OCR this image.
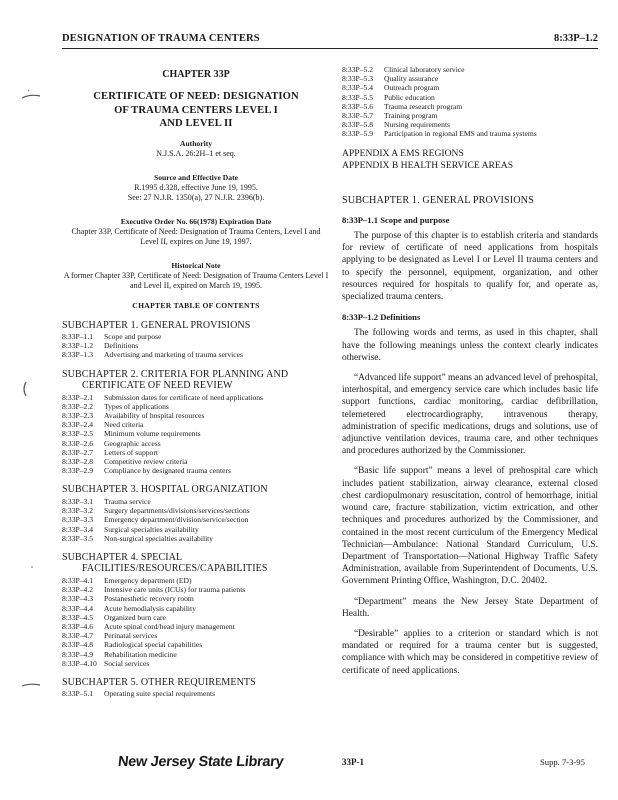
DESIGNATION OF TRAUMA CENTERS	8:33P–1.2
CHAPTER 33P
CERTIFICATE OF NEED: DESIGNATION
OF TRAUMA CENTERS LEVEL I
AND LEVEL II
Authority
N.J.S.A. 26:2H–1 et seq.
Source and Effective Date
R.1995 d.328, effective June 19, 1995.
See: 27 N.J.R. 1350(a), 27 N.J.R. 2396(b).
Executive Order No. 66(1978) Expiration Date
Chapter 33P, Certificate of Need: Designation of Trauma Centers, Level I and Level II, expires on June 19, 1997.
Historical Note
A former Chapter 33P, Certificate of Need: Designation of Trauma Centers Level I and Level II, expired on March 19, 1995.
CHAPTER TABLE OF CONTENTS
SUBCHAPTER 1. GENERAL PROVISIONS
8:33P–1.1	Scope and purpose
8:33P–1.2	Definitions
8:33P–1.3	Advertising and marketing of trauma services
SUBCHAPTER 2. CRITERIA FOR PLANNING AND
CERTIFICATE OF NEED REVIEW
8:33P–2.1	Submission dates for certificate of need applications
8:33P–2.2	Types of applications
8:33P–2.3	Availability of hospital resources
8:33P–2.4	Need criteria
8:33P–2.5	Minimum volume requirements
8:33P–2.6	Geographic access
8:33P–2.7	Letters of support
8:33P–2.8	Competitive review criteria
8:33P–2.9	Compliance by designated trauma centers
SUBCHAPTER 3. HOSPITAL ORGANIZATION
8:33P–3.1	Trauma service
8:33P–3.2	Surgery departments/divisions/services/sections
8:33P–3.3	Emergency department/division/service/section
8:33P–3.4	Surgical specialties availability
8:33P–3.5	Non-surgical specialties availability
SUBCHAPTER 4. SPECIAL
FACILITIES/RESOURCES/CAPABILITIES
8:33P–4.1	Emergency department (ED)
8:33P–4.2	Intensive care units (ICUs) for trauma patients
8:33P–4.3	Postanesthetic recovery room
8:33P–4.4	Acute hemodialysis capability
8:33P–4.5	Organized burn care
8:33P–4.6	Acute spinal cord/head injury management
8:33P–4.7	Perinatal services
8:33P–4.8	Radiological special capabilities
8:33P–4.9	Rehabilitation medicine
8:33P–4.10 Social services
SUBCHAPTER 5. OTHER REQUIREMENTS
8:33P–5.1	Operating suite special requirements
8:33P–5.2	Clinical laboratory service
8:33P–5.3	Quality assurance
8:33P–5.4	Outreach program
8:33P–5.5	Public education
8:33P–5.6	Trauma research program
8:33P–5.7	Training program
8:33P–5.8	Nursing requirements
8:33P–5.9	Participation in regional EMS and trauma systems
APPENDIX A EMS REGIONS
APPENDIX B HEALTH SERVICE AREAS
SUBCHAPTER 1. GENERAL PROVISIONS
8:33P–1.1 Scope and purpose
The purpose of this chapter is to establish criteria and standards for review of certificate of need applications from hospitals applying to be designated as Level I or Level II trauma centers and to specify the personnel, equipment, organization, and other resources required for hospitals to qualify for, and operate as, specialized trauma centers.
8:33P–1.2 Definitions
The following words and terms, as used in this chapter, shall have the following meanings unless the context clearly indicates otherwise.
“Advanced life support” means an advanced level of prehospital, interhospital, and emergency service care which includes basic life support functions, cardiac monitoring, cardiac defibrillation, telemetered electrocardiography, intravenous therapy, administration of specific medications, drugs and solutions, use of adjunctive ventilation devices, trauma care, and other techniques and procedures authorized by the Commissioner.
“Basic life support” means a level of prehospital care which includes patient stabilization, airway clearance, external closed chest cardiopulmonary resuscitation, control of hemorrhage, initial wound care, fracture stabilization, victim extrication, and other techniques and procedures authorized by the Commissioner, and contained in the most recent curriculum of the Emergency Medical Technician—Ambulance: National Standard Curriculum, U.S. Department of Transportation—National Highway Traffic Safety Administration, available from Superintendent of Documents, U.S. Government Printing Office, Washington, D.C. 20402.
“Department” means the New Jersey State Department of Health.
“Desirable” applies to a criterion or standard which is not mandated or required for a trauma center but is suggested, compliance with which may be considered in competitive review of certificate of need applications.
New Jersey State Library	33P-1	Supp. 7-3-95
